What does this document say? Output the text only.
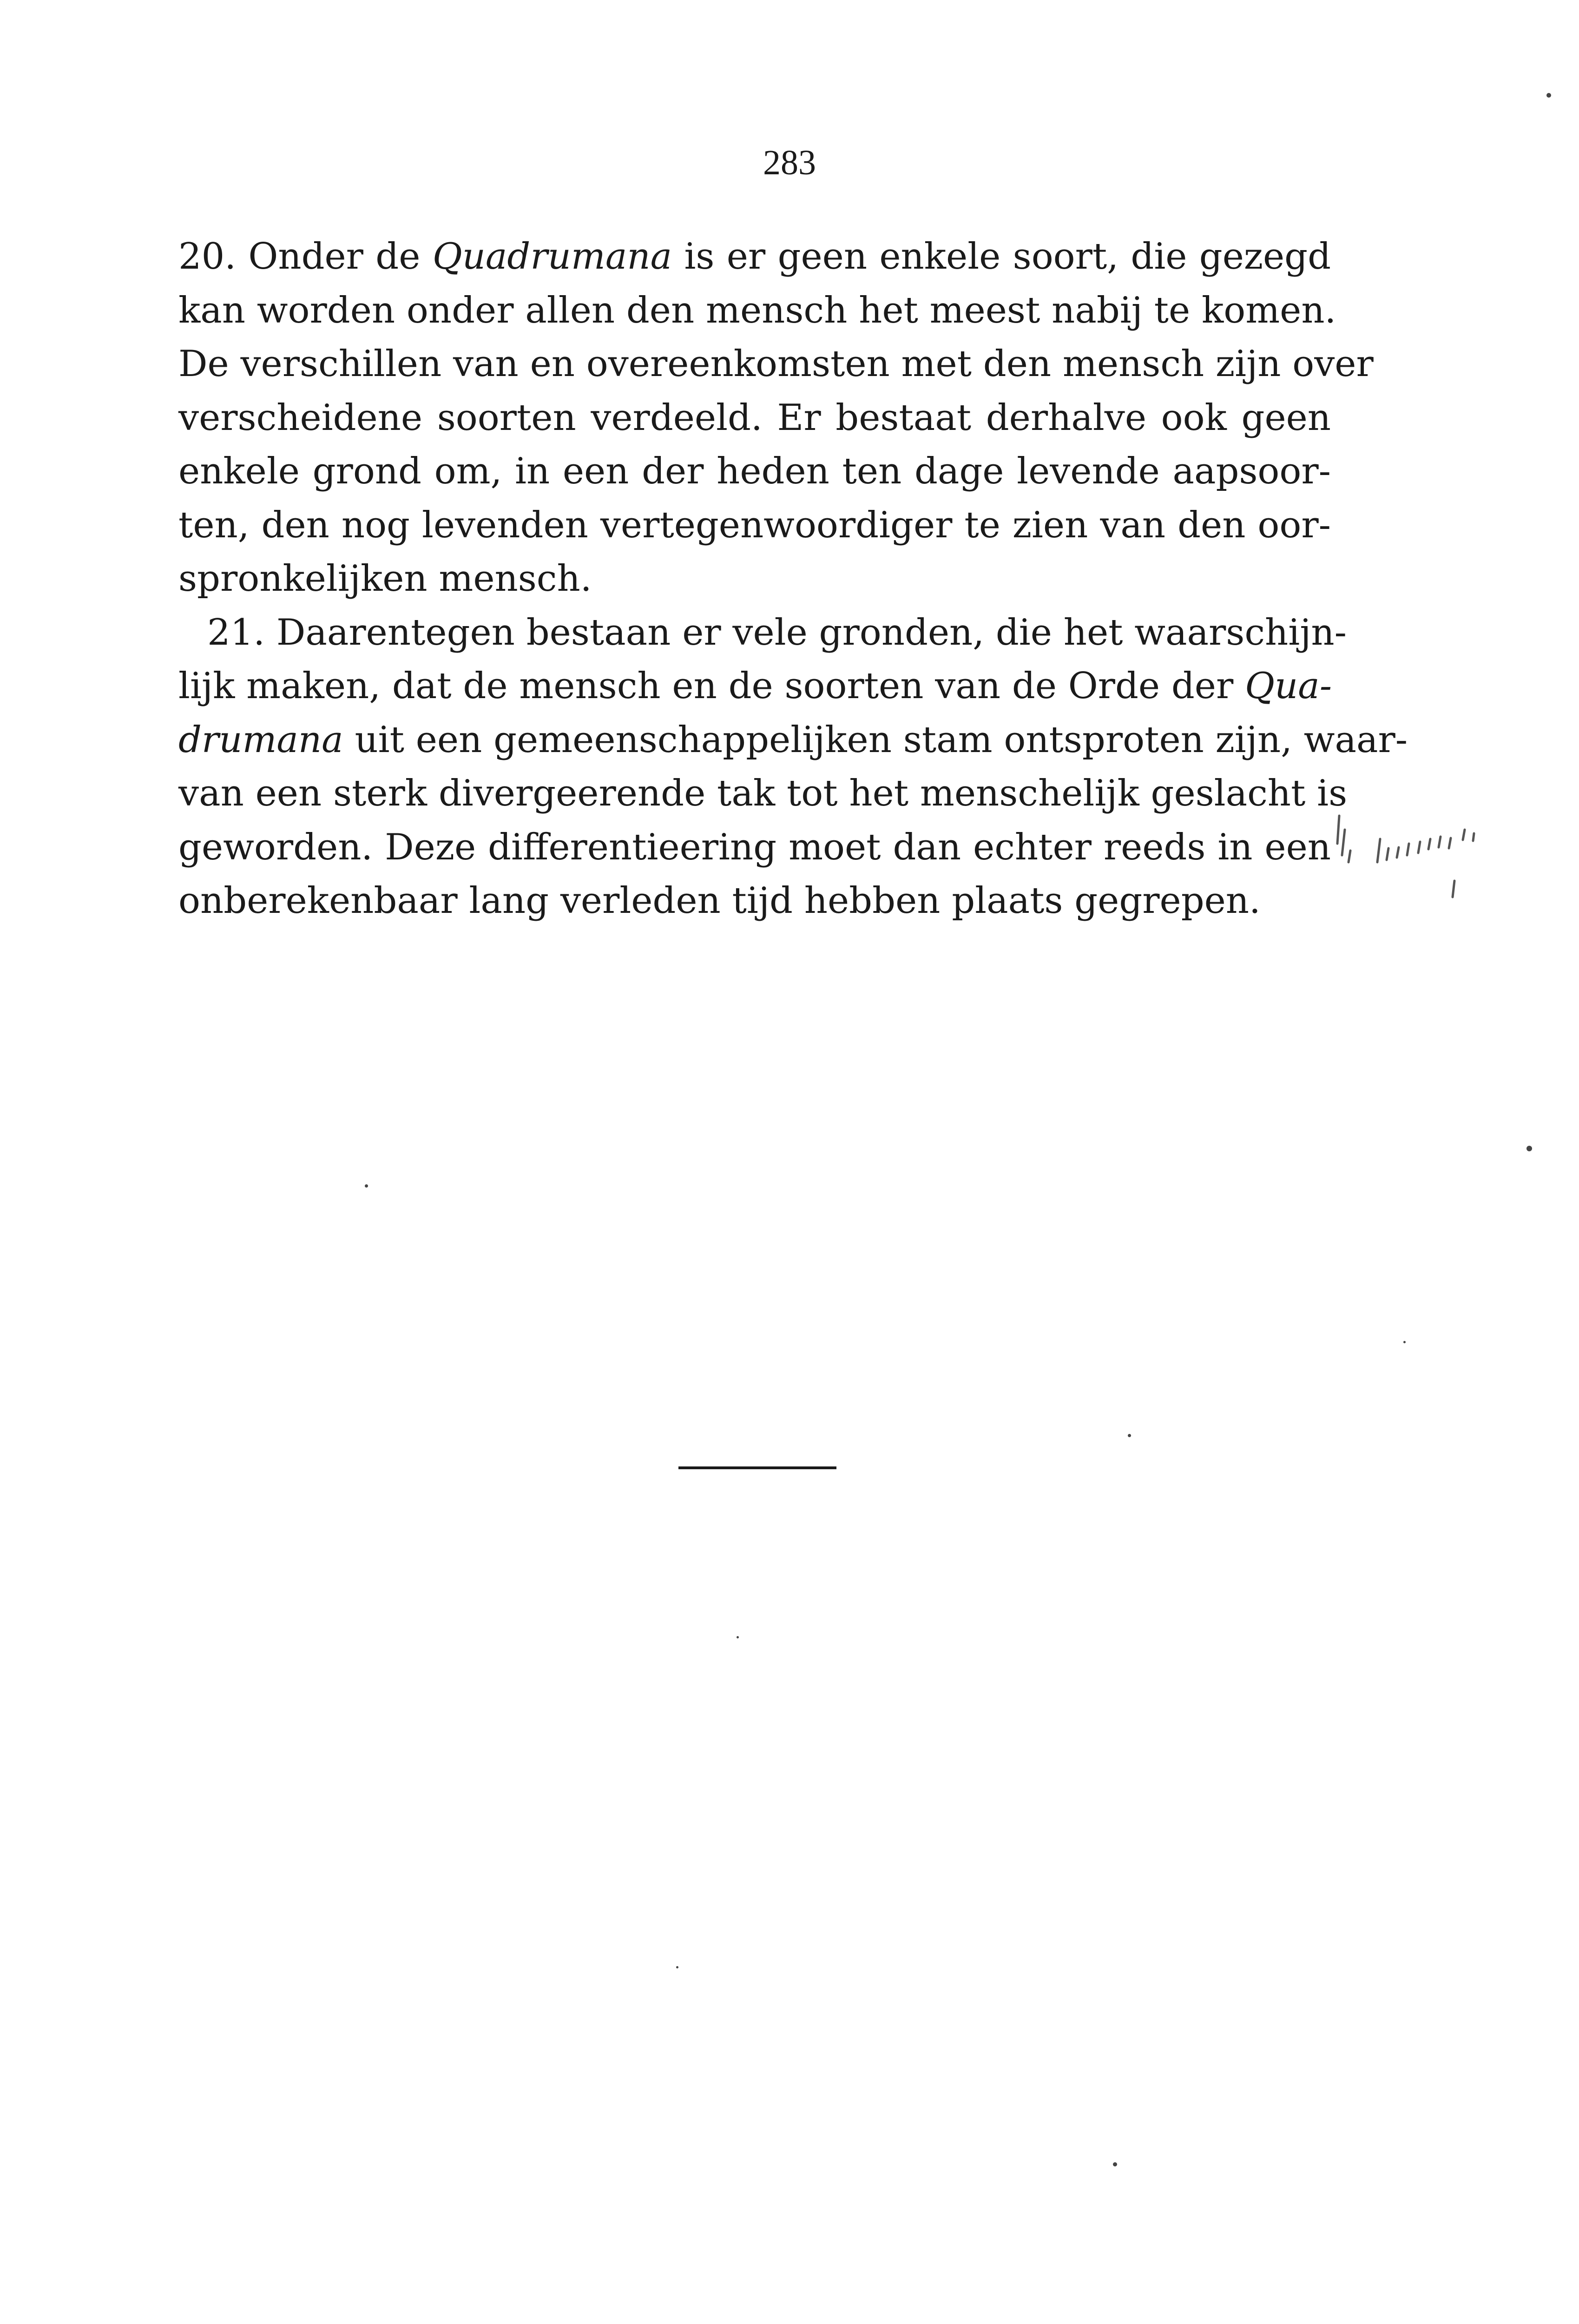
283
20. Onder de Quadrumana is er geen enkele soort, die gezegd
kan worden onder allen den mensch het meest nabij te komen.
De verschillen van en overeenkomsten met den mensch zijn over
verscheidene soorten verdeeld. Er bestaat derhalve ook geen
enkele grond om, in een der heden ten dage levende aapsoor-
ten, den nog levenden vertegenwoordiger te zien van den oor-
spronkelijken mensch.
21. Daarentegen bestaan er vele gronden, die het waarschijn-
lijk maken, dat de mensch en de soorten van de Orde der Qua-
drumana uit een gemeenschappelijken stam ontsproten zijn, waar-
van een sterk divergeerende tak tot het menschelijk geslacht is
geworden. Deze differentieering moet dan echter reeds in een
onberekenbaar lang verleden tijd hebben plaats gegrepen.
